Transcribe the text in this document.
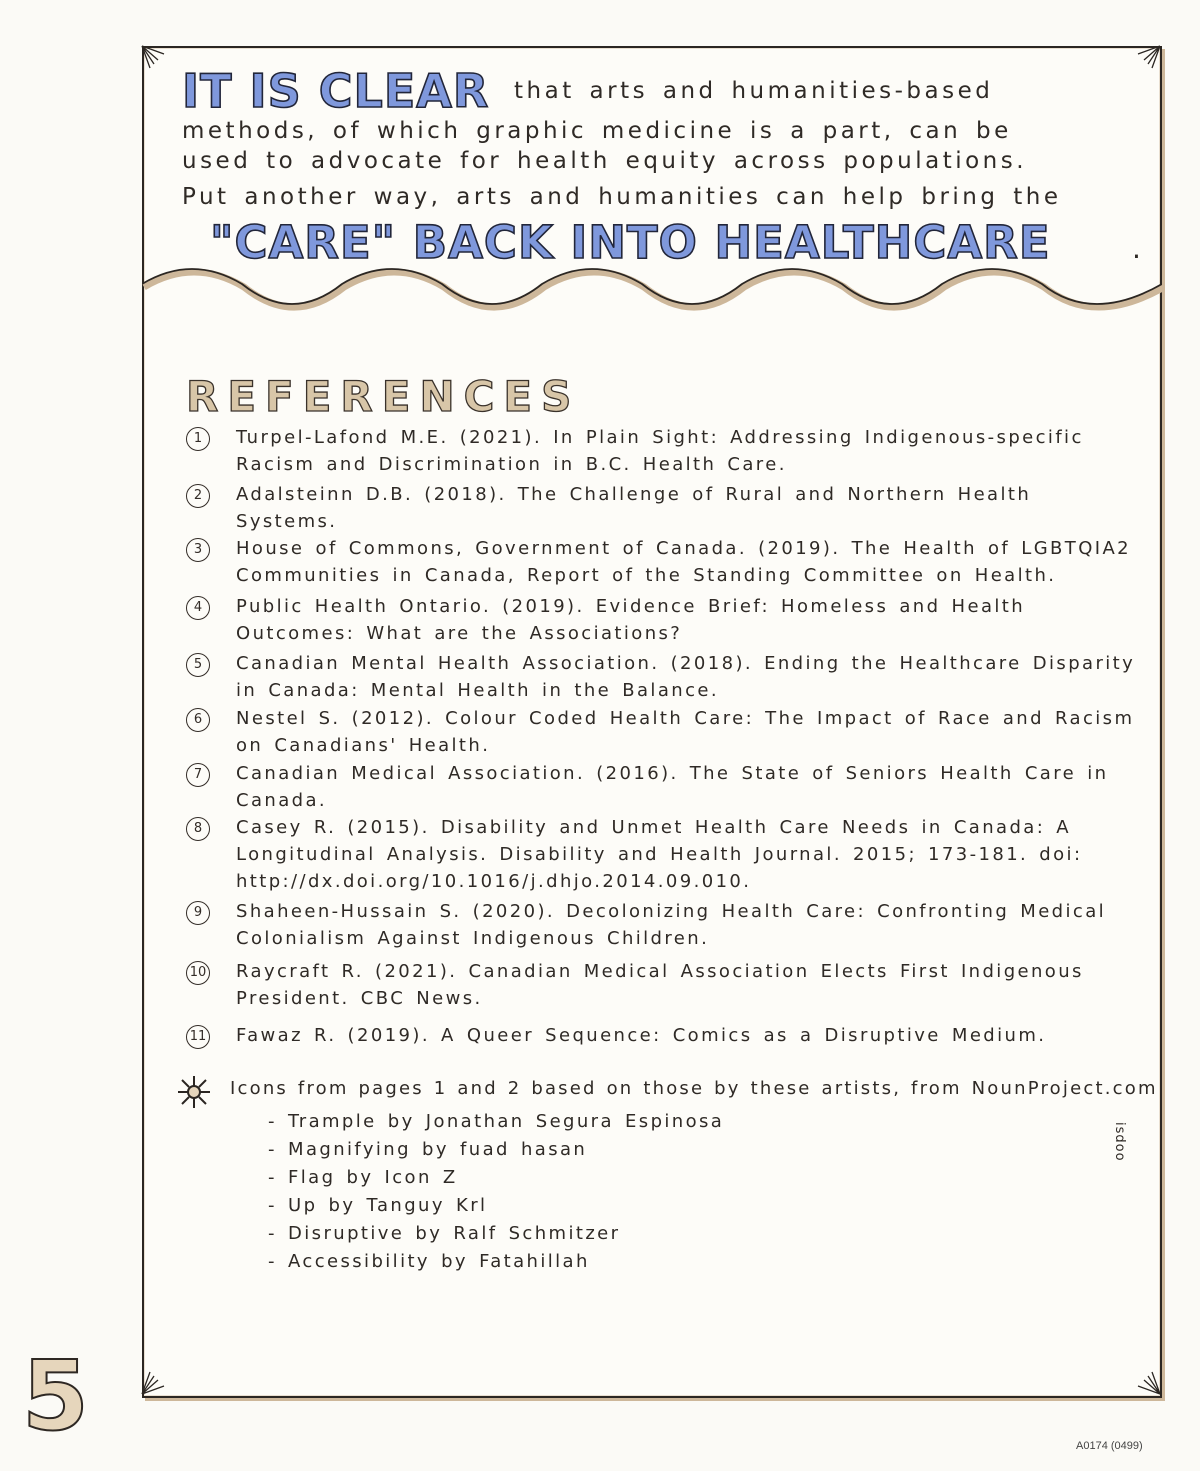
IT IS CLEAR that arts and humanities-based
methods, of which graphic medicine is a part, can be
used to advocate for health equity across populations.
Put another way, arts and humanities can help bring the
"CARE" BACK INTO HEALTHCARE	.
REFERENCES
1	Turpel-Lafond M.E. (2021). In Plain Sight: Addressing Indigenous-specific Racism and Discrimination in B.C. Health Care.
2	Adalsteinn D.B. (2018). The Challenge of Rural and Northern Health Systems.
3	House of Commons, Government of Canada. (2019). The Health of LGBTQIA2 Communities in Canada, Report of the Standing Committee on Health.
4	Public Health Ontario. (2019). Evidence Brief: Homeless and Health Outcomes: What are the Associations?
5	Canadian Mental Health Association. (2018). Ending the Healthcare Disparity in Canada: Mental Health in the Balance.
6	Nestel S. (2012). Colour Coded Health Care: The Impact of Race and Racism on Canadians' Health.
7	Canadian Medical Association. (2016). The State of Seniors Health Care in Canada.
8	Casey R. (2015). Disability and Unmet Health Care Needs in Canada: A Longitudinal Analysis. Disability and Health Journal. 2015; 173-181. doi: http://dx.doi.org/10.1016/j.dhjo.2014.09.010.
9	Shaheen-Hussain S. (2020). Decolonizing Health Care: Confronting Medical Colonialism Against Indigenous Children.
10 Raycraft R. (2021). Canadian Medical Association Elects First Indigenous President. CBC News.
11 Fawaz R. (2019). A Queer Sequence: Comics as a Disruptive Medium.
Icons from pages 1 and 2 based on those by these artists, from NounProject.com
- Trample by Jonathan Segura Espinosa
- Magnifying by fuad hasan
- Flag by Icon Z
- Up by Tanguy Krl
- Disruptive by Ralf Schmitzer
- Accessibility by Fatahillah
isdoo
5	A0174 (0499)
